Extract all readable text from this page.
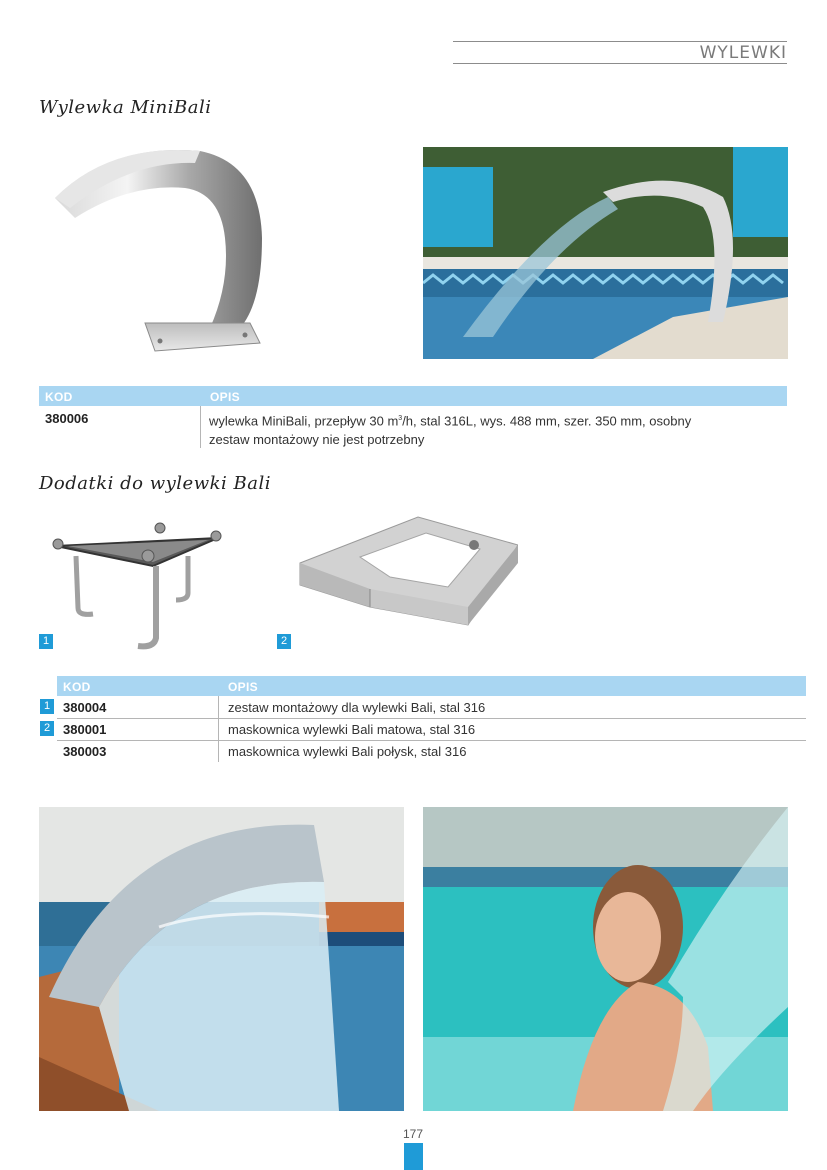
WYLEWKI
Wylewka MiniBali
KOD	OPIS
380006	wylewka MiniBali, przepływ 30 $m^3/h$, stal 316L, wys. 488 mm, szer. 350 mm, osobny
zestaw montażowy nie jest potrzebny
Dodatki do wylewki Bali
1	2
KOD	OPIS
1 380004	zestaw montażowy dla wylewki Bali, stal 316
2 380001	maskownica wylewki Bali matowa, stal 316
380003	maskownica wylewki Bali połysk, stal 316
177
